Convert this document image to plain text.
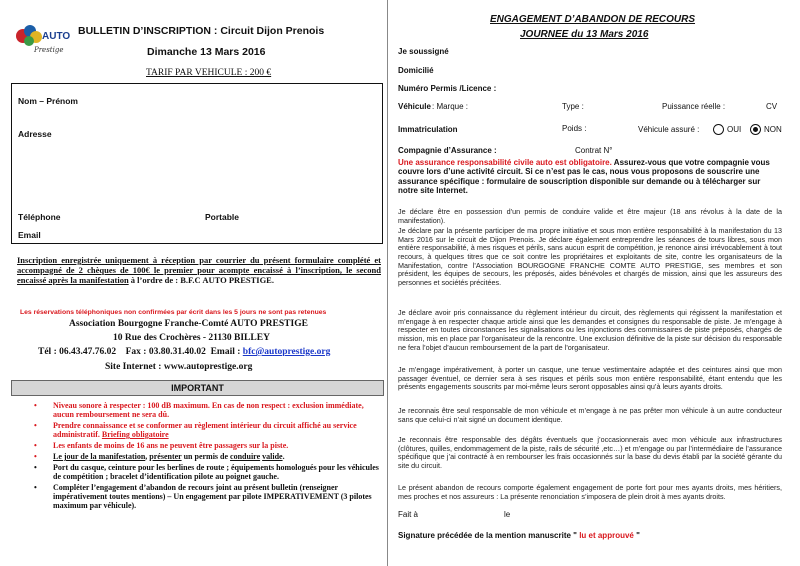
AUTO
Prestige
BULLETIN D’INSCRIPTION : Circuit Dijon Prenois
Dimanche 13 Mars 2016
TARIF PAR VEHICULE : 200 €
Nom – Prénom
Adresse
Téléphone	Portable
Email
Inscription enregistrée uniquement à réception par courrier du présent formulaire complété et accompagné de 2 chèques de 100€ le premier pour acompte encaissé à l’inscription, le second encaissé après la manifestation à l’ordre de : B.F.C AUTO PRESTIGE.
Les réservations téléphoniques non confirmées par écrit dans les 5 jours ne sont pas retenues
Association Bourgogne Franche-Comté AUTO PRESTIGE
10 Rue des Crochères - 21130 BILLEY
Tél : 06.43.47.76.02 Fax : 03.80.31.40.02 Email : bfc@autoprestige.org
Site Internet : www.autoprestige.org
IMPORTANT
• Niveau sonore à respecter : 100 dB maximum. En cas de non respect : exclusion immédiate, aucun remboursement ne sera dû.
• Prendre connaissance et se conformer au règlement intérieur du circuit affiché au service administratif. Briefing obligatoire
• Les enfants de moins de 16 ans ne peuvent être passagers sur la piste.
• Le jour de la manifestation, présenter un permis de conduire valide.
• Port du casque, ceinture pour les berlines de route ; équipements homologués pour les véhicules de compétition ; bracelet d’identification pilote au poignet gauche.
• Compléter l’engagement d’abandon de recours joint au présent bulletin (renseigner impérativement toutes mentions) – Un engagement par pilote IMPERATIVEMENT (3 pilotes maximum par véhicule).
ENGAGEMENT D’ABANDON DE RECOURS
JOURNEE du 13 Mars 2016
Je soussigné
Domicilié
Numéro Permis /Licence :
Véhicule : Marque :	Type :	Puissance réelle :	CV
Immatriculation	Poids :	Véhicule assuré :	OUI	NON
Compagnie d’Assurance :	Contrat N°
Une assurance responsabilité civile auto est obligatoire. Assurez-vous que votre compagnie vous couvre lors d’une activité circuit. Si ce n’est pas le cas, nous vous proposons de souscrire une assurance spécifique : formulaire de souscription disponible sur demande ou à télécharger sur notre site Internet.
Je déclare être en possession d’un permis de conduire valide et être majeur (18 ans révolus à la date de la manifestation).
Je déclare par la présente participer de ma propre initiative et sous mon entière responsabilité à la manifestation du 13 Mars 2016 sur le circuit de Dijon Prenois. Je déclare également entreprendre les séances de tours libres, sous mon entière responsabilité, à mes risques et périls, sans aucun esprit de compétition, je renonce ainsi irrévocablement à tout recours, à quelques titres que ce soit contre les propriétaires et exploitants de site, contre les organisateurs de la Manifestation, contre l’Association BOURGOGNE FRANCHE COMTE AUTO PRESTIGE, ses membres et son président, les équipes de secours, les préposés, aides bénévoles et chargés de mission, ainsi que les assureurs des personnes et sociétés précitées.
Je déclare avoir pris connaissance du règlement intérieur du circuit, des règlements qui régissent la manifestation et m’engage à en respecter chaque article ainsi que les demandes et consignes du responsable de piste. Je m’engage à respecter en toutes circonstances les signalisations ou les injonctions des commissaires de piste préposés, chargés de mission, mis en place par l’organisateur de la rencontre. Une exclusion définitive de la piste sur décision du responsable ne fera l’objet d’aucun remboursement de la part de l’organisateur.
Je m’engage impérativement, à porter un casque, une tenue vestimentaire adaptée et des ceintures ainsi que mon passager éventuel, ce dernier sera à ses risques et périls sous mon entière responsabilité, étant entendu que les présents engagements souscrits par moi-même leurs seront opposables ainsi qu’à leurs ayants droits.
Je reconnais être seul responsable de mon véhicule et m’engage à ne pas prêter mon véhicule à un autre conducteur sans que celui-ci n’ait signé un document identique.
Je reconnais être responsable des dégâts éventuels que j’occasionnerais avec mon véhicule aux infrastructures (clôtures, quilles, endommagement de la piste, rails de sécurité ,etc…) et m’engage ou par l’intermédiaire de l’assurance spécifique que j’ai contracté à en rembourser les frais occasionnés sur la base du devis établi par la société gérante du site du circuit.
Le présent abandon de recours comporte également engagement de porte fort pour mes ayants droits, mes héritiers, mes proches et nos assureurs : La présente renonciation s’imposera de plein droit à mes ayants droits.
Fait à	le
Signature précédée de la mention manuscrite " lu et approuvé "
